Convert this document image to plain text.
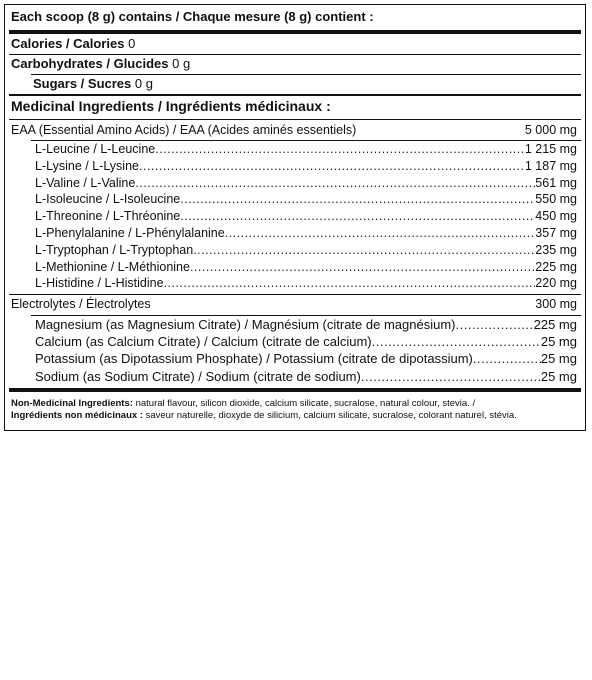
Each scoop (8 g) contains / Chaque mesure (8 g) contient :
Calories / Calories 0
Carbohydrates / Glucides 0 g
Sugars / Sucres 0 g
Medicinal Ingredients / Ingrédients médicinaux :
EAA (Essential Amino Acids) / EAA (Acides aminés essentiels)	5 000 mg
L-Leucine / L-Leucine .....	1 215 mg
L-Lysine / L-Lysine .....	1 187 mg
L-Valine / L-Valine .....	561 mg
L-Isoleucine / L-Isoleucine .....	550 mg
L-Threonine / L-Thréonine .....	450 mg
L-Phenylalanine / L-Phénylalanine .....	357 mg
L-Tryptophan / L-Tryptophan .....	235 mg
L-Methionine / L-Méthionine .....	225 mg
L-Histidine / L-Histidine .....	220 mg
Electrolytes / Électrolytes	300 mg
Magnesium (as Magnesium Citrate) / Magnésium (citrate de magnésium) .....	225 mg
Calcium (as Calcium Citrate) / Calcium (citrate de calcium) .....	25 mg
Potassium (as Dipotassium Phosphate) / Potassium (citrate de dipotassium) .....	25 mg
Sodium (as Sodium Citrate) / Sodium (citrate de sodium) .....	25 mg
Non-Medicinal Ingredients: natural flavour, silicon dioxide, calcium silicate, sucralose, natural colour, stevia. /
Ingrédients non médicinaux : saveur naturelle, dioxyde de silicium, calcium silicate, sucralose, colorant naturel, stévia.
